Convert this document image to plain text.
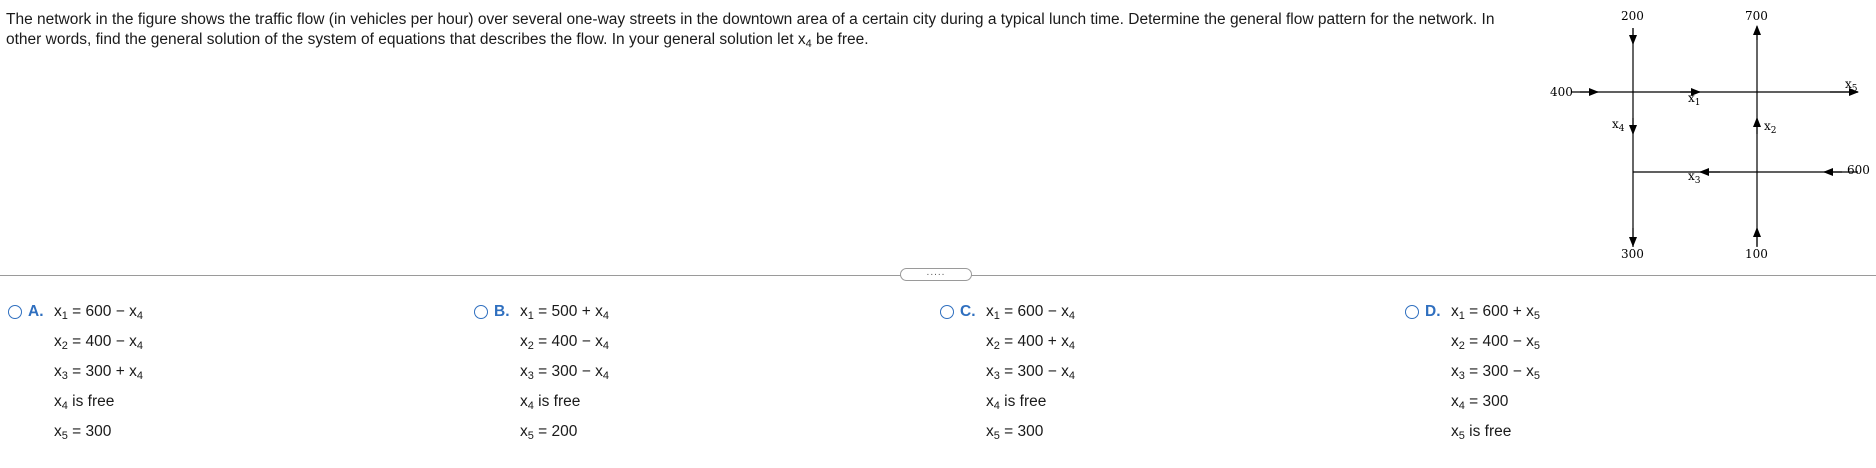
The network in the figure shows the traffic flow (in vehicles per hour) over several one-way streets in the downtown area of a certain city during a typical lunch time. Determine the general flow pattern for the network. In other words, find the general solution of the system of equations that describes the flow. In your general solution let $x_4$ be free.
200	700
400
600
300	100
$x_1$
$x_2$
$x_3$
$x_4$
$x_5$
.....
A. $x_1 = 600 - x_4$
$x_2 = 400 - x_4$
$x_3 = 300 + x_4$
$x_4$ is free
$x_5 = 300$
B. $x_1 = 500 + x_4$
$x_2 = 400 - x_4$
$x_3 = 300 - x_4$
$x_4$ is free
$x_5 = 200$
C. $x_1 = 600 - x_4$
$x_2 = 400 + x_4$
$x_3 = 300 - x_4$
$x_4$ is free
$x_5 = 300$
D. $x_1 = 600 + x_5$
$x_2 = 400 - x_5$
$x_3 = 300 - x_5$
$x_4 = 300$
$x_5$ is free
